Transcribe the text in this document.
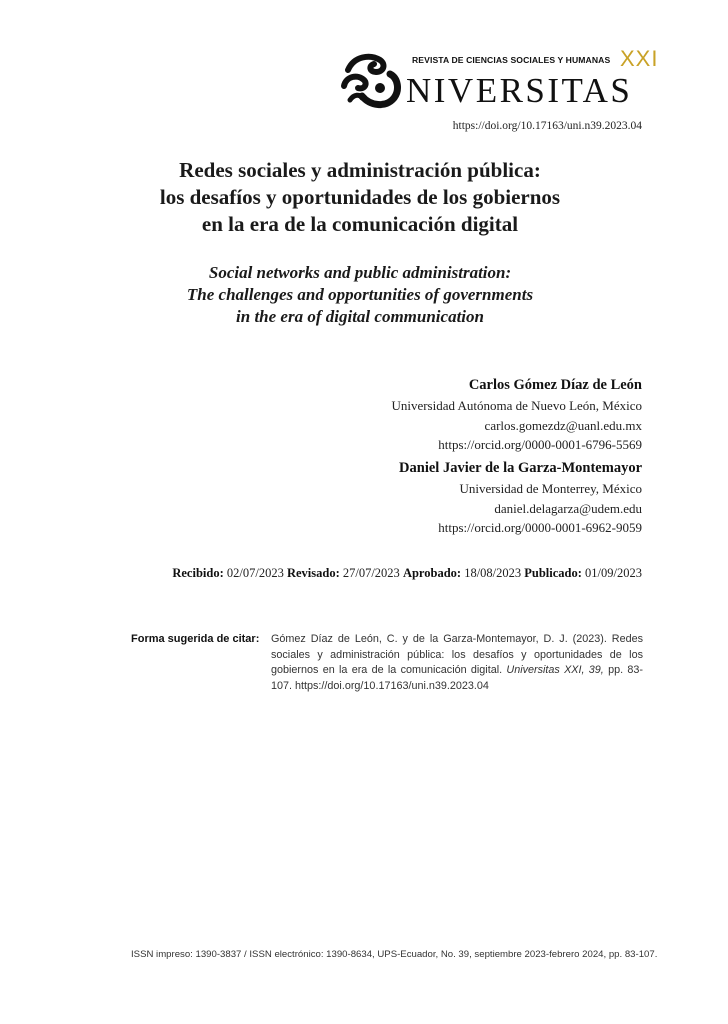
REVISTA DE CIENCIAS SOCIALES Y HUMANAS XXI
NIVERSITAS
https://doi.org/10.17163/uni.n39.2023.04
Redes sociales y administración pública:
los desafíos y oportunidades de los gobiernos
en la era de la comunicación digital
Social networks and public administration:
The challenges and opportunities of governments
in the era of digital communication
Carlos Gómez Díaz de León
Universidad Autónoma de Nuevo León, México
carlos.gomezdz@uanl.edu.mx
https://orcid.org/0000-0001-6796-5569
Daniel Javier de la Garza-Montemayor
Universidad de Monterrey, México
daniel.delagarza@udem.edu
https://orcid.org/0000-0001-6962-9059
Recibido: 02/07/2023 Revisado: 27/07/2023 Aprobado: 18/08/2023 Publicado: 01/09/2023
Forma sugerida de citar: Gómez Díaz de León, C. y de la Garza-Montemayor, D. J. (2023). Redes sociales y administración pública: los desafíos y oportunidades de los gobiernos en la era de la comunicación digital. Universitas XXI, 39, pp. 83-107. https://doi.org/10.17163/uni.n39.2023.04
ISSN impreso: 1390-3837 / ISSN electrónico: 1390-8634, UPS-Ecuador, No. 39, septiembre 2023-febrero 2024, pp. 83-107.
